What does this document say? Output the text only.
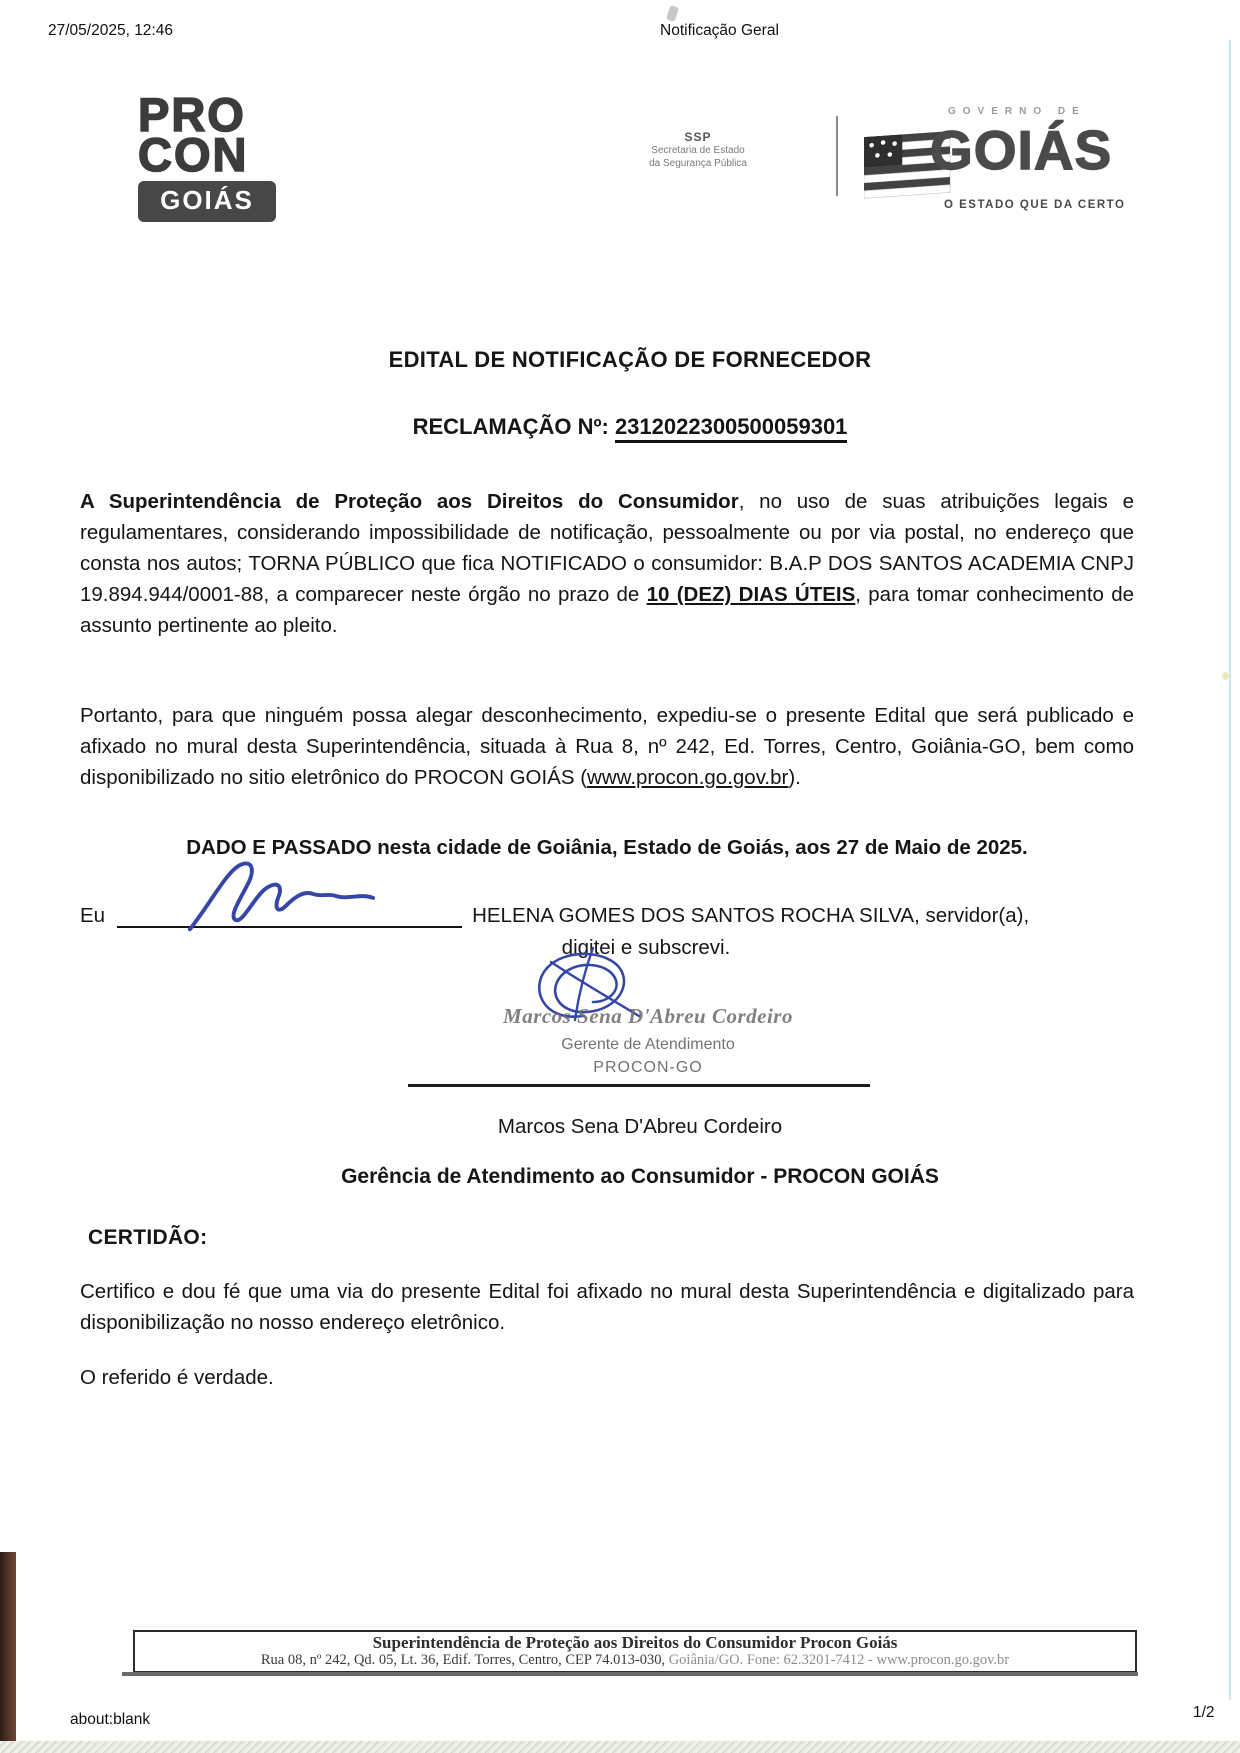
27/05/2025, 12:46	Notificação Geral
PRO
CON
GOIÁS
SSP
Secretaria de Estado
da Segurança Pública
GOVERNO DE
GOIÁS
O ESTADO QUE DA CERTO
EDITAL DE NOTIFICAÇÃO DE FORNECEDOR
RECLAMAÇÃO Nº: 2312022300500059301
A Superintendência de Proteção aos Direitos do Consumidor, no uso de suas atribuições legais e regulamentares, considerando impossibilidade de notificação, pessoalmente ou por via postal, no endereço que consta nos autos; TORNA PÚBLICO que fica NOTIFICADO o consumidor: B.A.P DOS SANTOS ACADEMIA CNPJ 19.894.944/0001-88, a comparecer neste órgão no prazo de 10 (DEZ) DIAS ÚTEIS, para tomar conhecimento de assunto pertinente ao pleito.
Portanto, para que ninguém possa alegar desconhecimento, expediu-se o presente Edital que será publicado e afixado no mural desta Superintendência, situada à Rua 8, nº 242, Ed. Torres, Centro, Goiânia-GO, bem como disponibilizado no sitio eletrônico do PROCON GOIÁS (www.procon.go.gov.br).
DADO E PASSADO nesta cidade de Goiânia, Estado de Goiás, aos 27 de Maio de 2025.
Eu	HELENA GOMES DOS SANTOS ROCHA SILVA, servidor(a),
digitei e subscrevi.
Marcos Sena D'Abreu Cordeiro
Gerente de Atendimento
PROCON-GO
Marcos Sena D'Abreu Cordeiro
Gerência de Atendimento ao Consumidor - PROCON GOIÁS
CERTIDÃO:
Certifico e dou fé que uma via do presente Edital foi afixado no mural desta Superintendência e digitalizado para disponibilização no nosso endereço eletrônico.
O referido é verdade.
Superintendência de Proteção aos Direitos do Consumidor Procon Goiás
Rua 08, nº 242, Qd. 05, Lt. 36, Edif. Torres, Centro, CEP 74.013-030, Goiânia/GO. Fone: 62.3201-7412 - www.procon.go.gov.br
about:blank	1/2
